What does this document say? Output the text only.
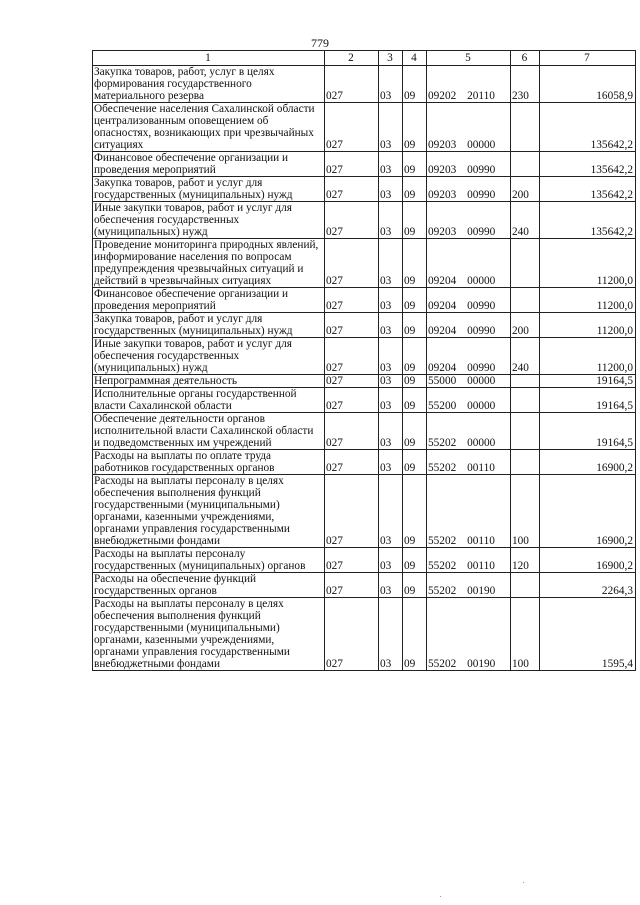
779
1	2	3	4	5	6	7
Закупка товаров, работ, услуг в целях формирования государственного материального резерва	027	03	09	09202 20110	230	16058,9
Обеспечение населения Сахалинской области централизованным оповещением об опасностях, возникающих при чрезвычайных ситуациях	027	03	09	09203 00000		135642,2
Финансовое обеспечение организации и проведения мероприятий	027	03	09	09203 00990		135642,2
Закупка товаров, работ и услуг для государственных (муниципальных) нужд	027	03	09	09203 00990	200	135642,2
Иные закупки товаров, работ и услуг для обеспечения государственных (муниципальных) нужд	027	03	09	09203 00990	240	135642,2
Проведение мониторинга природных явлений, информирование населения по вопросам предупреждения чрезвычайных ситуаций и действий в чрезвычайных ситуациях	027	03	09	09204 00000		11200,0
Финансовое обеспечение организации и проведения мероприятий	027	03	09	09204 00990		11200,0
Закупка товаров, работ и услуг для государственных (муниципальных) нужд	027	03	09	09204 00990	200	11200,0
Иные закупки товаров, работ и услуг для обеспечения государственных (муниципальных) нужд	027	03	09	09204 00990	240	11200,0
Непрограммная деятельность	027	03	09	55000 00000		19164,5
Исполнительные органы государственной власти Сахалинской области	027	03	09	55200 00000		19164,5
Обеспечение деятельности органов исполнительной власти Сахалинской области и подведомственных им учреждений	027	03	09	55202 00000		19164,5
Расходы на выплаты по оплате труда работников государственных органов	027	03	09	55202 00110		16900,2
Расходы на выплаты персоналу в целях обеспечения выполнения функций государственными (муниципальными) органами, казенными учреждениями, органами управления государственными внебюджетными фондами	027	03	09	55202 00110	100	16900,2
Расходы на выплаты персоналу государственных (муниципальных) органов	027	03	09	55202 00110	120	16900,2
Расходы на обеспечение функций государственных органов	027	03	09	55202 00190		2264,3
Расходы на выплаты персоналу в целях обеспечения выполнения функций государственными (муниципальными) органами, казенными учреждениями, органами управления государственными внебюджетными фондами	027	03	09	55202 00190	100	1595,4
